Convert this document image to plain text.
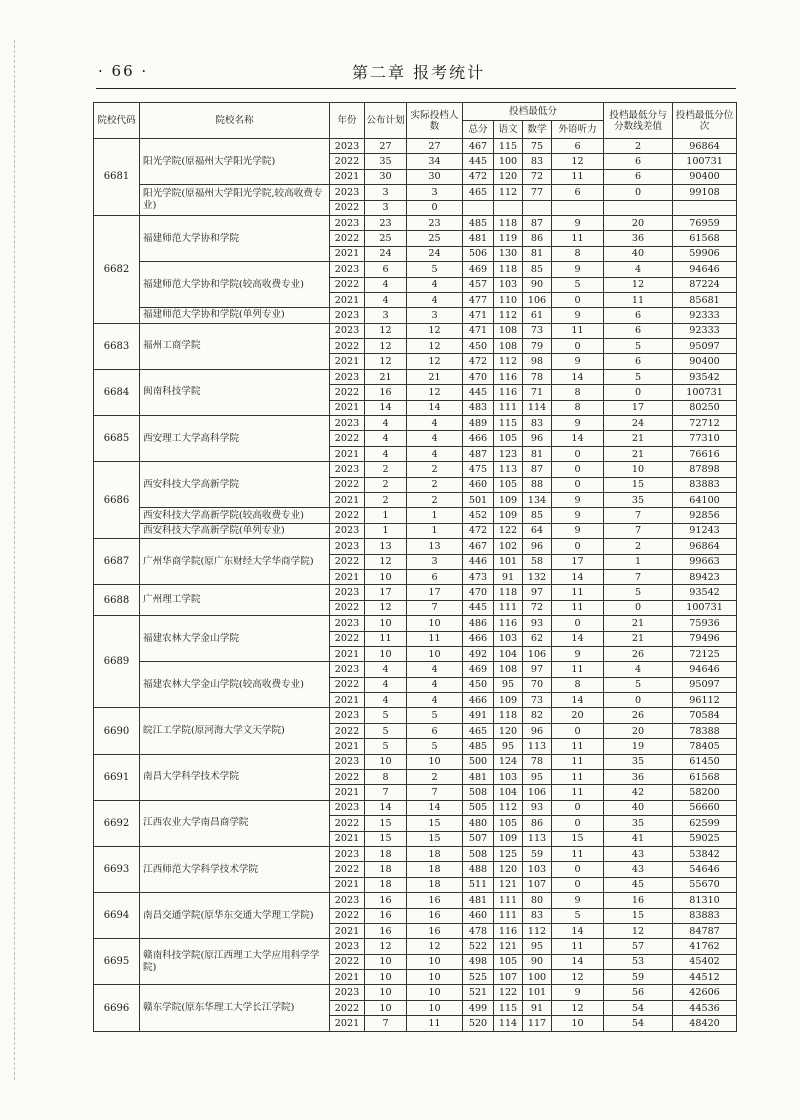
· 66 ·	第二章 报考统计
院校代码	院校名称	年份	公布计划	实际投档人数	投档最低分				投档最低分与分数线差值	投档最低分位次
					总分	语文	数学	外语听力		
6681	阳光学院(原福州大学阳光学院)	2023	27	27	467	115	75	6	2	96864
		2022	35	34	445	100	83	12	6	100731
		2021	30	30	472	120	72	11	6	90400
	阳光学院(原福州大学阳光学院,较高收费专业)	2023	3	3	465	112	77	6	0	99108
		2022	3	0						
6682	福建师范大学协和学院	2023	23	23	485	118	87	9	20	76959
		2022	25	25	481	119	86	11	36	61568
		2021	24	24	506	130	81	8	40	59906
	福建师范大学协和学院(较高收费专业)	2023	6	5	469	118	85	9	4	94646
		2022	4	4	457	103	90	5	12	87224
		2021	4	4	477	110	106	0	11	85681
	福建师范大学协和学院(单列专业)	2023	3	3	471	112	61	9	6	92333
6683	福州工商学院	2023	12	12	471	108	73	11	6	92333
		2022	12	12	450	108	79	0	5	95097
		2021	12	12	472	112	98	9	6	90400
6684	闽南科技学院	2023	21	21	470	116	78	14	5	93542
		2022	16	12	445	116	71	8	0	100731
		2021	14	14	483	111	114	8	17	80250
6685	西安理工大学高科学院	2023	4	4	489	115	83	9	24	72712
		2022	4	4	466	105	96	14	21	77310
		2021	4	4	487	123	81	0	21	76616
6686	西安科技大学高新学院	2023	2	2	475	113	87	0	10	87898
		2022	2	2	460	105	88	0	15	83883
		2021	2	2	501	109	134	9	35	64100
	西安科技大学高新学院(较高收费专业)	2022	1	1	452	109	85	9	7	92856
	西安科技大学高新学院(单列专业)	2023	1	1	472	122	64	9	7	91243
6687	广州华商学院(原广东财经大学华商学院)	2023	13	13	467	102	96	0	2	96864
		2022	12	3	446	101	58	17	1	99663
		2021	10	6	473	91	132	14	7	89423
6688	广州理工学院	2023	17	17	470	118	97	11	5	93542
		2022	12	7	445	111	72	11	0	100731
6689	福建农林大学金山学院	2023	10	10	486	116	93	0	21	75936
		2022	11	11	466	103	62	14	21	79496
		2021	10	10	492	104	106	9	26	72125
	福建农林大学金山学院(较高收费专业)	2023	4	4	469	108	97	11	4	94646
		2022	4	4	450	95	70	8	5	95097
		2021	4	4	466	109	73	14	0	96112
6690	皖江工学院(原河海大学文天学院)	2023	5	5	491	118	82	20	26	70584
		2022	5	6	465	120	96	0	20	78388
		2021	5	5	485	95	113	11	19	78405
6691	南昌大学科学技术学院	2023	10	10	500	124	78	11	35	61450
		2022	8	2	481	103	95	11	36	61568
		2021	7	7	508	104	106	11	42	58200
6692	江西农业大学南昌商学院	2023	14	14	505	112	93	0	40	56660
		2022	15	15	480	105	86	0	35	62599
		2021	15	15	507	109	113	15	41	59025
6693	江西师范大学科学技术学院	2023	18	18	508	125	59	11	43	53842
		2022	18	18	488	120	103	0	43	54646
		2021	18	18	511	121	107	0	45	55670
6694	南昌交通学院(原华东交通大学理工学院)	2023	16	16	481	111	80	9	16	81310
		2022	16	16	460	111	83	5	15	83883
		2021	16	16	478	116	112	14	12	84787
6695	赣南科技学院(原江西理工大学应用科学学院)	2023	12	12	522	121	95	11	57	41762
		2022	10	10	498	105	90	14	53	45402
		2021	10	10	525	107	100	12	59	44512
6696	赣东学院(原东华理工大学长江学院)	2023	10	10	521	122	101	9	56	42606
		2022	10	10	499	115	91	12	54	44536
		2021	7	11	520	114	117	10	54	48420
